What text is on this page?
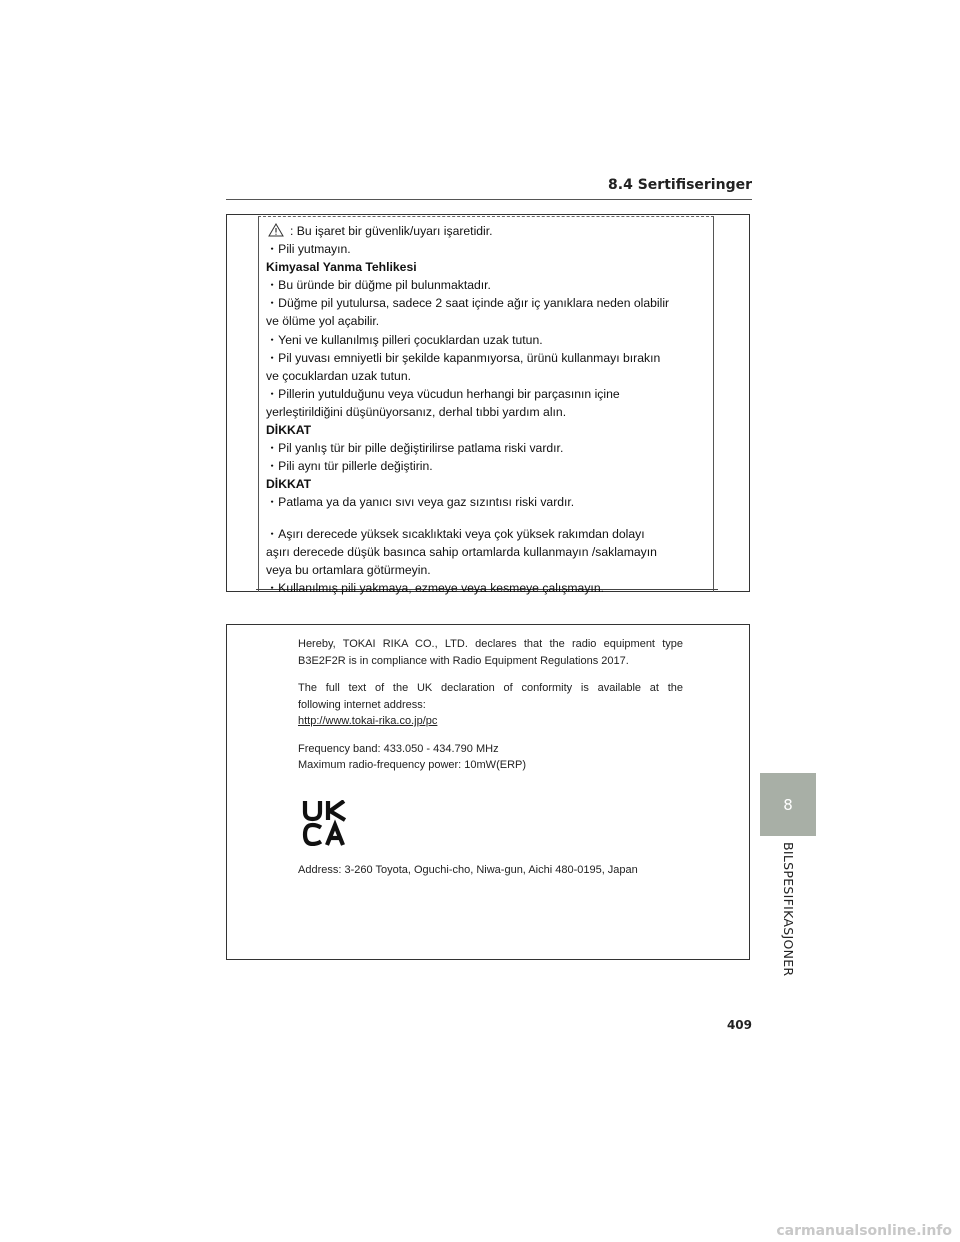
8.4 Sertifiseringer
: Bu işaret bir güvenlik/uyarı işaretidir.
・Pili yutmayın.
Kimyasal Yanma Tehlikesi
・Bu üründe bir düğme pil bulunmaktadır.
・Düğme pil yutulursa, sadece 2 saat içinde ağır iç yanıklara neden olabilir
ve ölüme yol açabilir.
・Yeni ve kullanılmış pilleri çocuklardan uzak tutun.
・Pil yuvası emniyetli bir şekilde kapanmıyorsa, ürünü kullanmayı bırakın
ve çocuklardan uzak tutun.
・Pillerin yutulduğunu veya vücudun herhangi bir parçasının içine
yerleştirildiğini düşünüyorsanız, derhal tıbbi yardım alın.
DİKKAT
・Pil yanlış tür bir pille değiştirilirse patlama riski vardır.
・Pili aynı tür pillerle değiştirin.
DİKKAT
・Patlama ya da yanıcı sıvı veya gaz sızıntısı riski vardır.
・Aşırı derecede yüksek sıcaklıktaki veya çok yüksek rakımdan dolayı
aşırı derecede düşük basınca sahip ortamlarda kullanmayın /saklamayın
veya bu ortamlara götürmeyin.
・Kullanılmış pili yakmaya, ezmeye veya kesmeye çalışmayın.

Hereby, TOKAI RIKA CO., LTD. declares that the radio equipment type

B3E2F2R is in compliance with Radio Equipment Regulations 2017.

The full text of the UK declaration of conformity is available at the

following internet address:

http://www.tokai-rika.co.jp/pc

Frequency band: 433.050 - 434.790 MHz

Maximum radio-frequency power: 10mW(ERP)

Address: 3-260 Toyota, Oguchi-cho, Niwa-gun, Aichi 480-0195, Japan
8
BILSPESIFIKASJONER
409
carmanualsonline.info
